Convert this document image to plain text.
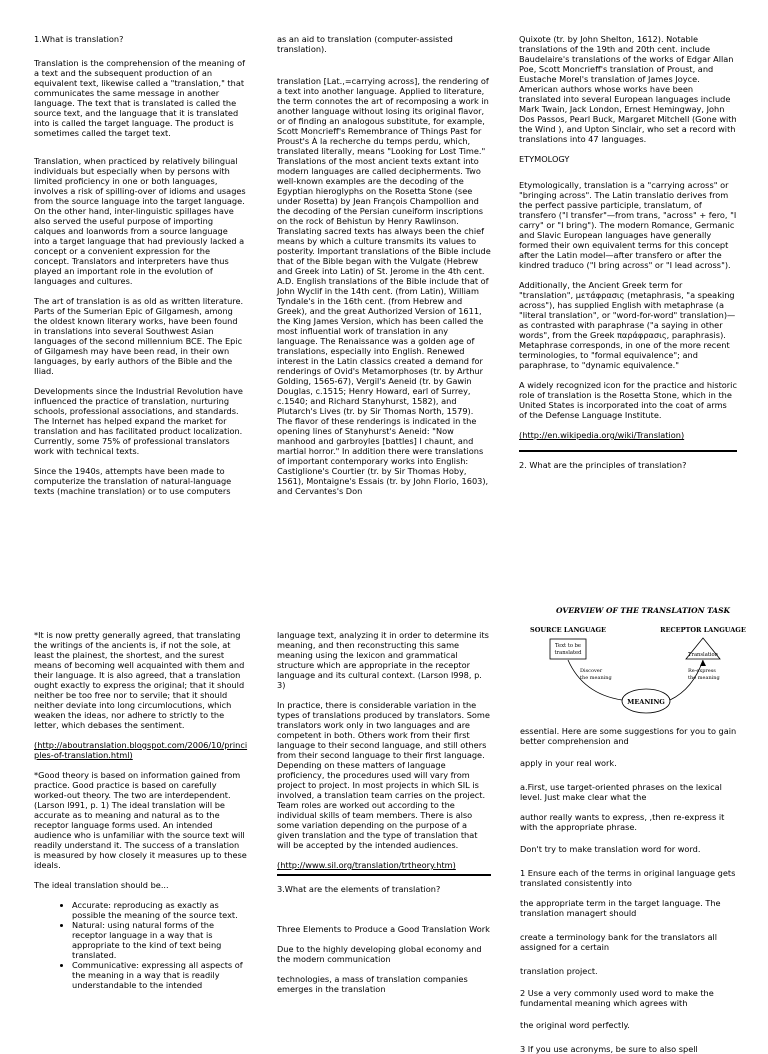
1.What is translation?

Translation is the comprehension of the meaning of a text and the subsequent production of an equivalent text, likewise called a "translation," that communicates the same message in another language. The text that is translated is called the source text, and the language that it is translated into is called the target language. The product is sometimes called the target text.

Translation, when practiced by relatively bilingual individuals but especially when by persons with limited proficiency in one or both languages, involves a risk of spilling-over of idioms and usages from the source language into the target language. On the other hand, inter-linguistic spillages have also served the useful purpose of importing calques and loanwords from a source language into a target language that had previously lacked a concept or a convenient expression for the concept. Translators and interpreters have thus played an important role in the evolution of languages and cultures.

The art of translation is as old as written literature. Parts of the Sumerian Epic of Gilgamesh, among the oldest known literary works, have been found in translations into several Southwest Asian languages of the second millennium BCE. The Epic of Gilgamesh may have been read, in their own languages, by early authors of the Bible and the Iliad.

Developments since the Industrial Revolution have influenced the practice of translation, nurturing schools, professional associations, and standards. The Internet has helped expand the market for translation and has facilitated product localization. Currently, some 75% of professional translators work with technical texts.

Since the 1940s, attempts have been made to computerize the translation of natural-language texts (machine translation) or to use computers

as an aid to translation (computer-assisted translation).

translation [Lat.,=carrying across], the rendering of a text into another language. Applied to literature, the term connotes the art of recomposing a work in another language without losing its original flavor, or of finding an analogous substitute, for example, Scott Moncrieff's Remembrance of Things Past for Proust's À la recherche du temps perdu, which, translated literally, means "Looking for Lost Time." Translations of the most ancient texts extant into modern languages are called decipherments. Two well-known examples are the decoding of the Egyptian hieroglyphs on the Rosetta Stone (see under Rosetta) by Jean François Champollion and the decoding of the Persian cuneiform inscriptions on the rock of Behistun by Henry Rawlinson. Translating sacred texts has always been the chief means by which a culture transmits its values to posterity. Important translations of the Bible include that of the Bible began with the Vulgate (Hebrew and Greek into Latin) of St. Jerome in the 4th cent. A.D. English translations of the Bible include that of John Wyclif in the 14th cent. (from Latin), William Tyndale's in the 16th cent. (from Hebrew and Greek), and the great Authorized Version of 1611, the King James Version, which has been called the most influential work of translation in any language. The Renaissance was a golden age of translations, especially into English. Renewed interest in the Latin classics created a demand for renderings of Ovid's Metamorphoses (tr. by Arthur Golding, 1565-67), Vergil's Aeneid (tr. by Gawin Douglas, c.1515; Henry Howard, earl of Surrey, c.1540; and Richard Stanyhurst, 1582), and Plutarch's Lives (tr. by Sir Thomas North, 1579). The flavor of these renderings is indicated in the opening lines of Stanyhurst's Aeneid: "Now manhood and garbroyles [battles] I chaunt, and martial horror." In addition there were translations of important contemporary works into English: Castiglione's Courtier (tr. by Sir Thomas Hoby, 1561), Montaigne's Essais (tr. by John Florio, 1603), and Cervantes's Don

Quixote (tr. by John Shelton, 1612). Notable translations of the 19th and 20th cent. include Baudelaire's translations of the works of Edgar Allan Poe, Scott Moncrieff's translation of Proust, and Eustache Morel's translation of James Joyce. American authors whose works have been translated into several European languages include Mark Twain, Jack London, Ernest Hemingway, John Dos Passos, Pearl Buck, Margaret Mitchell (Gone with the Wind ), and Upton Sinclair, who set a record with translations into 47 languages.

ETYMOLOGY

Etymologically, translation is a "carrying across" or "bringing across". The Latin translatio derives from the perfect passive participle, translatum, of transfero ("I transfer"—from trans, "across" + fero, "I carry" or "I bring"). The modern Romance, Germanic and Slavic European languages have generally formed their own equivalent terms for this concept after the Latin model—after transfero or after the kindred traduco ("I bring across" or "I lead across").

Additionally, the Ancient Greek term for "translation", μετάφρασις (metaphrasis, "a speaking across"), has supplied English with metaphrase (a "literal translation", or "word-for-word" translation)—as contrasted with paraphrase ("a saying in other words", from the Greek παράφρασις, paraphrasis). Metaphrase corresponds, in one of the more recent terminologies, to "formal equivalence"; and paraphrase, to "dynamic equivalence."

A widely recognized icon for the practice and historic role of translation is the Rosetta Stone, which in the United States is incorporated into the coat of arms of the Defense Language Institute.

(http://en.wikipedia.org/wiki/Translation)

2. What are the principles of translation?

*It is now pretty generally agreed, that translating the writings of the ancients is, if not the sole, at least the plainest, the shortest, and the surest means of becoming well acquainted with them and their language. It is also agreed, that a translation ought exactly to express the original; that it should neither be too free nor to servile; that it should neither deviate into long circumlocutions, which weaken the ideas, nor adhere to strictly to the letter, which debases the sentiment.

(http://aboutranslation.blogspot.com/2006/10/principles-of-translation.html)

*Good theory is based on information gained from practice. Good practice is based on carefully worked-out theory. The two are interdependent. (Larson l991, p. 1) The ideal translation will be accurate as to meaning and natural as to the receptor language forms used. An intended audience who is unfamiliar with the source text will readily understand it. The success of a translation is measured by how closely it measures up to these ideals.

The ideal translation should be...

• Accurate: reproducing as exactly as possible the meaning of the source text.
• Natural: using natural forms of the receptor language in a way that is appropriate to the kind of text being translated.
• Communicative: expressing all aspects of the meaning in a way that is readily understandable to the intended

language text, analyzing it in order to determine its meaning, and then reconstructing this same meaning using the lexicon and grammatical structure which are appropriate in the receptor language and its cultural context. (Larson l998, p. 3)

In practice, there is considerable variation in the types of translations produced by translators. Some translators work only in two languages and are competent in both. Others work from their first language to their second language, and still others from their second language to their first language. Depending on these matters of language proficiency, the procedures used will vary from project to project. In most projects in which SIL is involved, a translation team carries on the project. Team roles are worked out according to the individual skills of team members. There is also some variation depending on the purpose of a given translation and the type of translation that will be accepted by the intended audiences.

(http://www.sil.org/translation/trtheory.htm)

3.What are the elements of translation?

Three Elements to Produce a Good Translation Work

Due to the highly developing global economy and the modern communication

technologies, a mass of translation companies emerges in the translation

OVERVIEW OF THE TRANSLATION TASK
SOURCE LANGUAGE	RECEPTOR LANGUAGE
Text to be
translated	Translation
MEANING
Discover
the meaning
Re-express
the meaning

essential. Here are some suggestions for you to gain better comprehension and

apply in your real work.

a.First, use target-oriented phrases on the lexical level. Just make clear what the

author really wants to express, ,then re-express it with the appropriate phrase.

Don't try to make translation word for word.

1 Ensure each of the terms in original language gets translated consistently into

the appropriate term in the target language. The translation managert should

create a terminology bank for the translators all assigned for a certain

translation project.

2 Use a very commonly used word to make the fundamental meaning which agrees with

the original word perfectly.

3 If you use acronyms, be sure to also spell
